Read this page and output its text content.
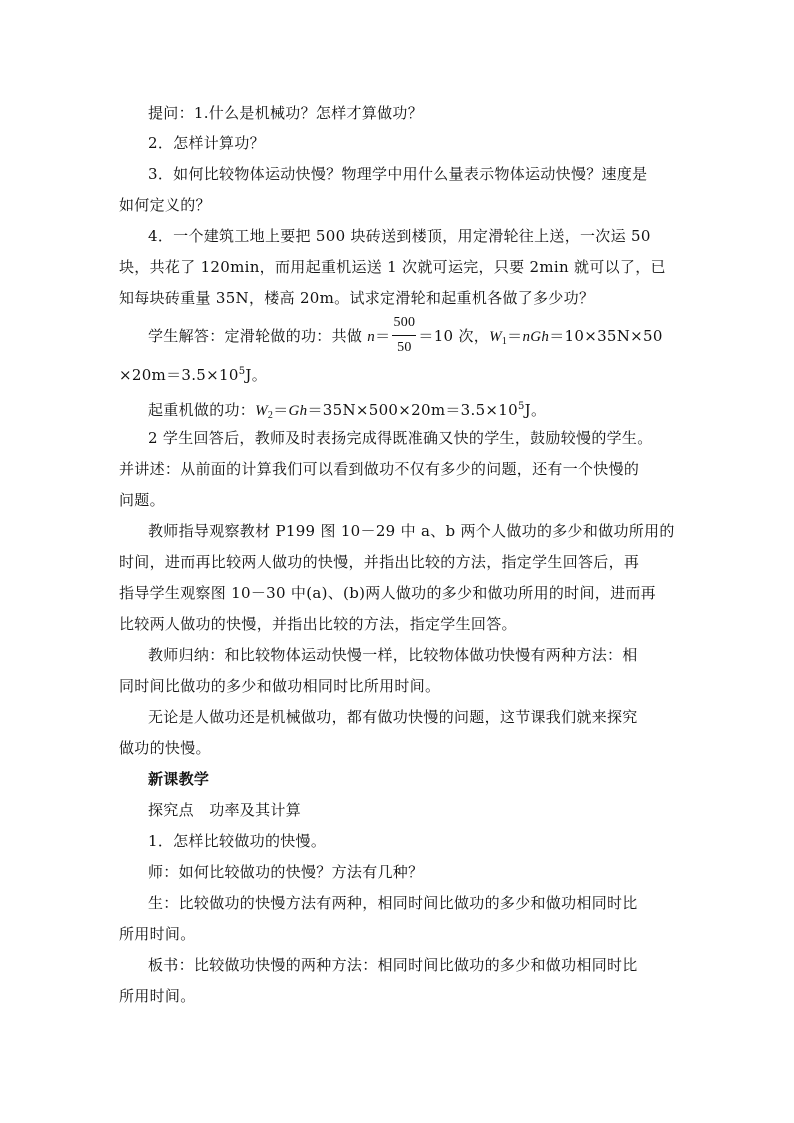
提问：1.什么是机械功？怎样才算做功？
2．怎样计算功？
3．如何比较物体运动快慢？物理学中用什么量表示物体运动快慢？速度是
如何定义的？
4．一个建筑工地上要把 500 块砖送到楼顶，用定滑轮往上送，一次运 50
块，共花了 120min，而用起重机运送 1 次就可运完，只要 2min 就可以了，已
知每块砖重量 35N，楼高 20m。试求定滑轮和起重机各做了多少功？
学生解答：定滑轮做的功：共做 $n= \frac{500}{50} =10$ 次，$W_1=nGh=10\times 35N\times 50$
$\times 20m=3.5\times 10^5J$。
起重机做的功：$W_2=Gh=35N\times 500\times 20m=3.5\times 10^5J$。
2 学生回答后，教师及时表扬完成得既准确又快的学生，鼓励较慢的学生。
并讲述：从前面的计算我们可以看到做功不仅有多少的问题，还有一个快慢的
问题。
教师指导观察教材 P199 图 10－29 中 a、b 两个人做功的多少和做功所用的
时间，进而再比较两人做功的快慢，并指出比较的方法，指定学生回答后，再
指导学生观察图 10－30 中(a)、(b)两人做功的多少和做功所用的时间，进而再
比较两人做功的快慢，并指出比较的方法，指定学生回答。
教师归纳：和比较物体运动快慢一样，比较物体做功快慢有两种方法：相
同时间比做功的多少和做功相同时比所用时间。
无论是人做功还是机械做功，都有做功快慢的问题，这节课我们就来探究
做功的快慢。
新课教学
探究点　功率及其计算
1．怎样比较做功的快慢。
师：如何比较做功的快慢？方法有几种？
生：比较做功的快慢方法有两种，相同时间比做功的多少和做功相同时比
所用时间。
板书：比较做功快慢的两种方法：相同时间比做功的多少和做功相同时比
所用时间。
